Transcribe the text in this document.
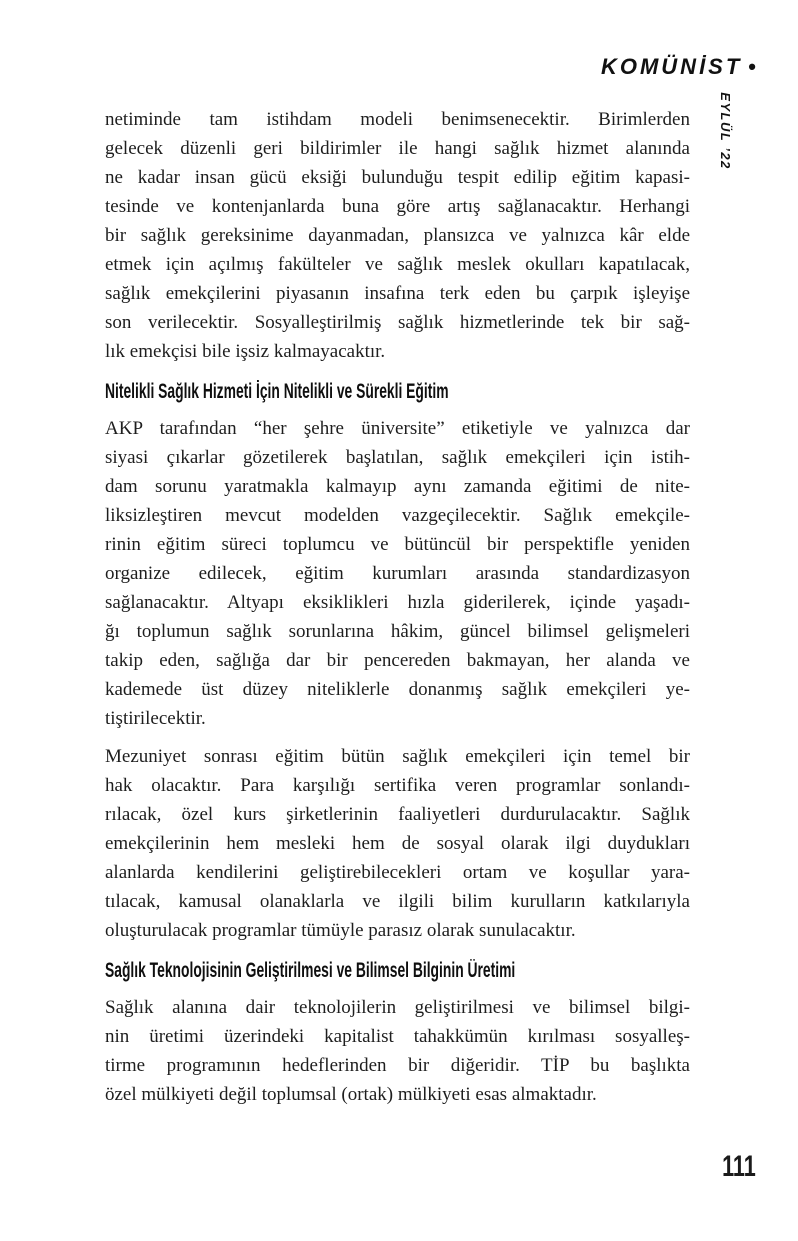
KOMÜNİST •
EYLÜL ’22
netiminde tam istihdam modeli benimsenecektir. Birimlerden
gelecek düzenli geri bildirimler ile hangi sağlık hizmet alanında
ne kadar insan gücü eksiği bulunduğu tespit edilip eğitim kapasi-
tesinde ve kontenjanlarda buna göre artış sağlanacaktır. Herhangi
bir sağlık gereksinime dayanmadan, plansızca ve yalnızca kâr elde
etmek için açılmış fakülteler ve sağlık meslek okulları kapatılacak,
sağlık emekçilerini piyasanın insafına terk eden bu çarpık işleyişe
son verilecektir. Sosyalleştirilmiş sağlık hizmetlerinde tek bir sağ-
lık emekçisi bile işsiz kalmayacaktır.
Nitelikli Sağlık Hizmeti İçin Nitelikli ve Sürekli Eğitim
AKP tarafından “her şehre üniversite” etiketiyle ve yalnızca dar
siyasi çıkarlar gözetilerek başlatılan, sağlık emekçileri için istih-
dam sorunu yaratmakla kalmayıp aynı zamanda eğitimi de nite-
liksizleştiren mevcut modelden vazgeçilecektir. Sağlık emekçile-
rinin eğitim süreci toplumcu ve bütüncül bir perspektifle yeniden
organize edilecek, eğitim kurumları arasında standardizasyon
sağlanacaktır. Altyapı eksiklikleri hızla giderilerek, içinde yaşadı-
ğı toplumun sağlık sorunlarına hâkim, güncel bilimsel gelişmeleri
takip eden, sağlığa dar bir pencereden bakmayan, her alanda ve
kademede üst düzey niteliklerle donanmış sağlık emekçileri ye-
tiştirilecektir.
Mezuniyet sonrası eğitim bütün sağlık emekçileri için temel bir
hak olacaktır. Para karşılığı sertifika veren programlar sonlandı-
rılacak, özel kurs şirketlerinin faaliyetleri durdurulacaktır. Sağlık
emekçilerinin hem mesleki hem de sosyal olarak ilgi duydukları
alanlarda kendilerini geliştirebilecekleri ortam ve koşullar yara-
tılacak, kamusal olanaklarla ve ilgili bilim kurulların katkılarıyla
oluşturulacak programlar tümüyle parasız olarak sunulacaktır.
Sağlık Teknolojisinin Geliştirilmesi ve Bilimsel Bilginin Üretimi
Sağlık alanına dair teknolojilerin geliştirilmesi ve bilimsel bilgi-
nin üretimi üzerindeki kapitalist tahakkümün kırılması sosyalleş-
tirme programının hedeflerinden bir diğeridir. TİP bu başlıkta
özel mülkiyeti değil toplumsal (ortak) mülkiyeti esas almaktadır.
111
